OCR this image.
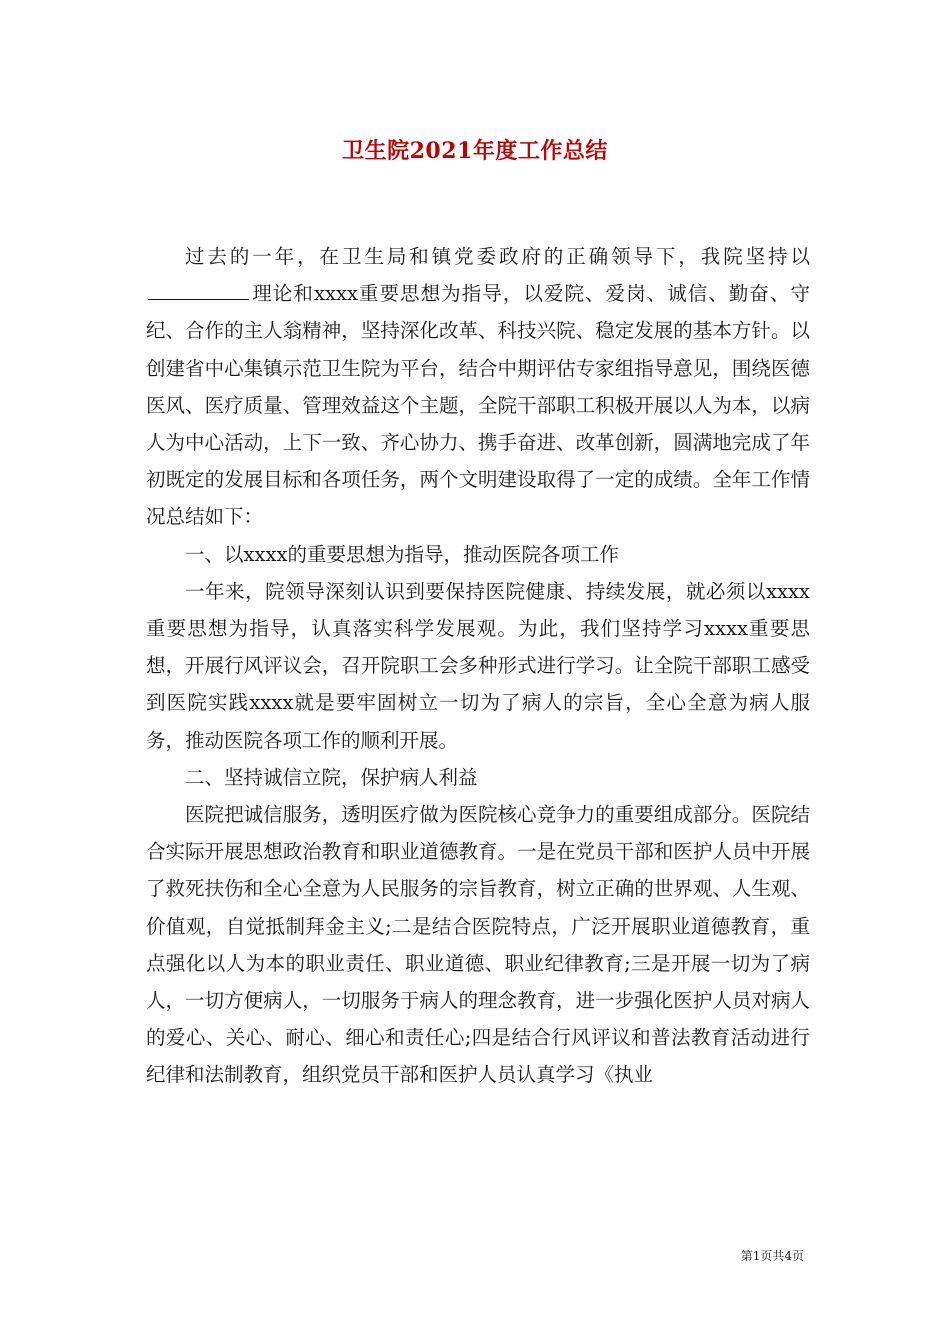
卫生院2021年度工作总结

过去的一年，在卫生局和镇党委政府的正确领导下，我院坚持以理论和xxxx重要思想为指导，以爱院、爱岗、诚信、勤奋、守纪、合作的主人翁精神，坚持深化改革、科技兴院、稳定发展的基本方针。以创建省中心集镇示范卫生院为平台，结合中期评估专家组指导意见，围绕医德医风、医疗质量、管理效益这个主题，全院干部职工积极开展以人为本，以病人为中心活动，上下一致、齐心协力、携手奋进、改革创新，圆满地完成了年初既定的发展目标和各项任务，两个文明建设取得了一定的成绩。全年工作情况总结如下：

一、以xxxx的重要思想为指导，推动医院各项工作

一年来，院领导深刻认识到要保持医院健康、持续发展，就必须以xxxx重要思想为指导，认真落实科学发展观。为此，我们坚持学习xxxx重要思想，开展行风评议会，召开院职工会多种形式进行学习。让全院干部职工感受到医院实践xxxx就是要牢固树立一切为了病人的宗旨，全心全意为病人服务，推动医院各项工作的顺利开展。

二、坚持诚信立院，保护病人利益

医院把诚信服务，透明医疗做为医院核心竞争力的重要组成部分。医院结合实际开展思想政治教育和职业道德教育。一是在党员干部和医护人员中开展了救死扶伤和全心全意为人民服务的宗旨教育，树立正确的世界观、人生观、价值观，自觉抵制拜金主义;二是结合医院特点，广泛开展职业道德教育，重点强化以人为本的职业责任、职业道德、职业纪律教育;三是开展一切为了病人，一切方便病人，一切服务于病人的理念教育，进一步强化医护人员对病人的爱心、关心、耐心、细心和责任心;四是结合行风评议和普法教育活动进行纪律和法制教育，组织党员干部和医护人员认真学习《执业

第1页共4页
